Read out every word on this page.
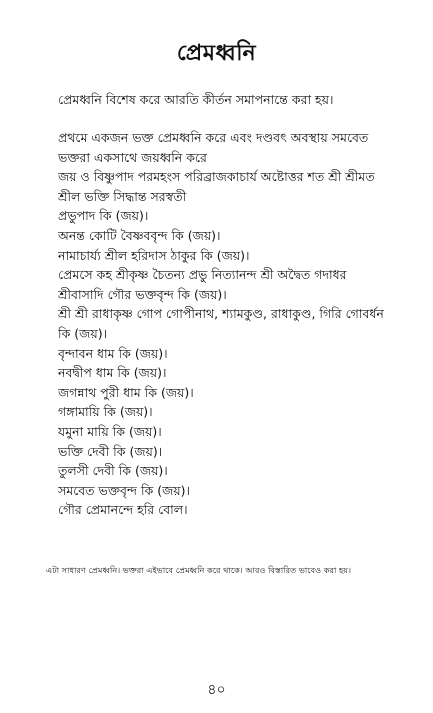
প্রেমধ্বনি
প্রেমধ্বনি বিশেষ করে আরতি কীর্তন সমাপনান্তে করা হয়।
প্রথমে একজন ভক্ত প্রেমধ্বনি করে এবং দণ্ডবৎ অবস্থায় সমবেত
ভক্তরা একসাথে জয়ধ্বনি করে
জয় ও বিষ্ণুপাদ পরমহংস পরিব্রাজকাচার্য অষ্টোত্তর শত শ্রী শ্রীমত
শ্রীল ভক্তি সিদ্ধান্ত সরস্বতী
প্রভুপাদ কি (জয়)।
অনন্ত কোটি বৈষ্ণববৃন্দ কি (জয়)।
নামাচার্য্য শ্রীল হরিদাস ঠাকুর কি (জয়)।
প্রেমসে কহ শ্রীকৃষ্ণ চৈতন্য প্রভু নিত্যানন্দ শ্রী অদ্বৈত গদাধর
শ্রীবাসাদি গৌর ভক্তবৃন্দ কি (জয়)।
শ্রী শ্রী রাধাকৃষ্ণ গোপ গোপীনাথ, শ্যামকুণ্ড, রাধাকুণ্ড, গিরি গোবর্ধন
কি (জয়)।
বৃন্দাবন ধাম কি (জয়)।
নবদ্বীপ ধাম কি (জয়)।
জগন্নাথ পুরী ধাম কি (জয়)।
গঙ্গামায়ি কি (জয়)।
যমুনা মায়ি কি (জয়)।
ভক্তি দেবী কি (জয়)।
তুলসী দেবী কি (জয়)।
সমবেত ভক্তবৃন্দ কি (জয়)।
গৌর প্রেমানন্দে হরি বোল।
এটা সাধারণ প্রেমধ্বনি। ভক্তরা এইভাবে প্রেমধ্বনি করে থাকে। আরও বিস্তারিত ভাবেও করা হয়।
৪০
